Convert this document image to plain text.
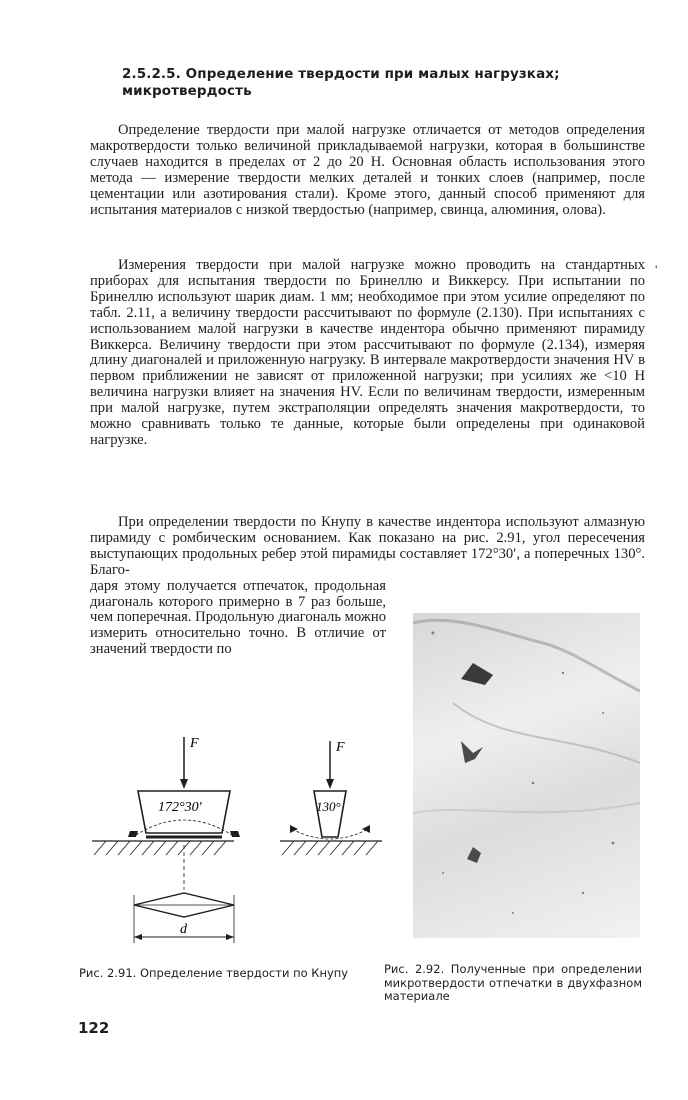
2.5.2.5. Определение твердости при малых нагрузках;
микротвердость

Определение твердости при малой нагрузке отличается от методов определения макротвердости только величиной прикладываемой нагрузки, которая в большинстве случаев находится в пределах от 2 до 20 Н. Основная область использования этого метода — измерение твердости мелких деталей и тонких слоев (например, после цементации или азотирования стали). Кроме этого, данный способ применяют для испытания материалов с низкой твердостью (например, свинца, алюминия, олова).

Измерения твердости при малой нагрузке можно проводить на стандартных приборах для испытания твердости по Бринеллю и Виккерсу. При испытании по Бринеллю используют шарик диам. 1 мм; необходимое при этом усилие определяют по табл. 2.11, а величину твердости рассчитывают по формуле (2.130). При испытаниях с использованием малой нагрузки в качестве индентора обычно применяют пирамиду Виккерса. Величину твердости при этом рассчитывают по формуле (2.134), измеряя длину диагоналей и приложенную нагрузку. В интервале макротвердости значения HV в первом приближении не зависят от приложенной нагрузки; при усилиях же <10 Н величина нагрузки влияет на значения HV. Если по величинам твердости, измеренным при малой нагрузке, путем экстраполяции определять значения макротвердости, то можно сравнивать только те данные, которые были определены при одинаковой нагрузке.

'

При определении твердости по Кнупу в качестве индентора используют алмазную пирамиду с ромбическим основанием. Как показано на рис. 2.91, угол пересечения выступающих продольных ребер этой пирамиды составляет 172°30′, а поперечных 130°. Благо-

даря этому получается отпечаток, продольная диагональ которого примерно в 7 раз больше, чем поперечная. Продольную диагональ можно измерить относительно точно. В отличие от значений твердости по

F
172°30′
F
130°
d
Рис. 2.91. Определение твердости по Кнупу	Рис. 2.92. Полученные при определении микротвердости отпечатки в двухфазном материале
122
